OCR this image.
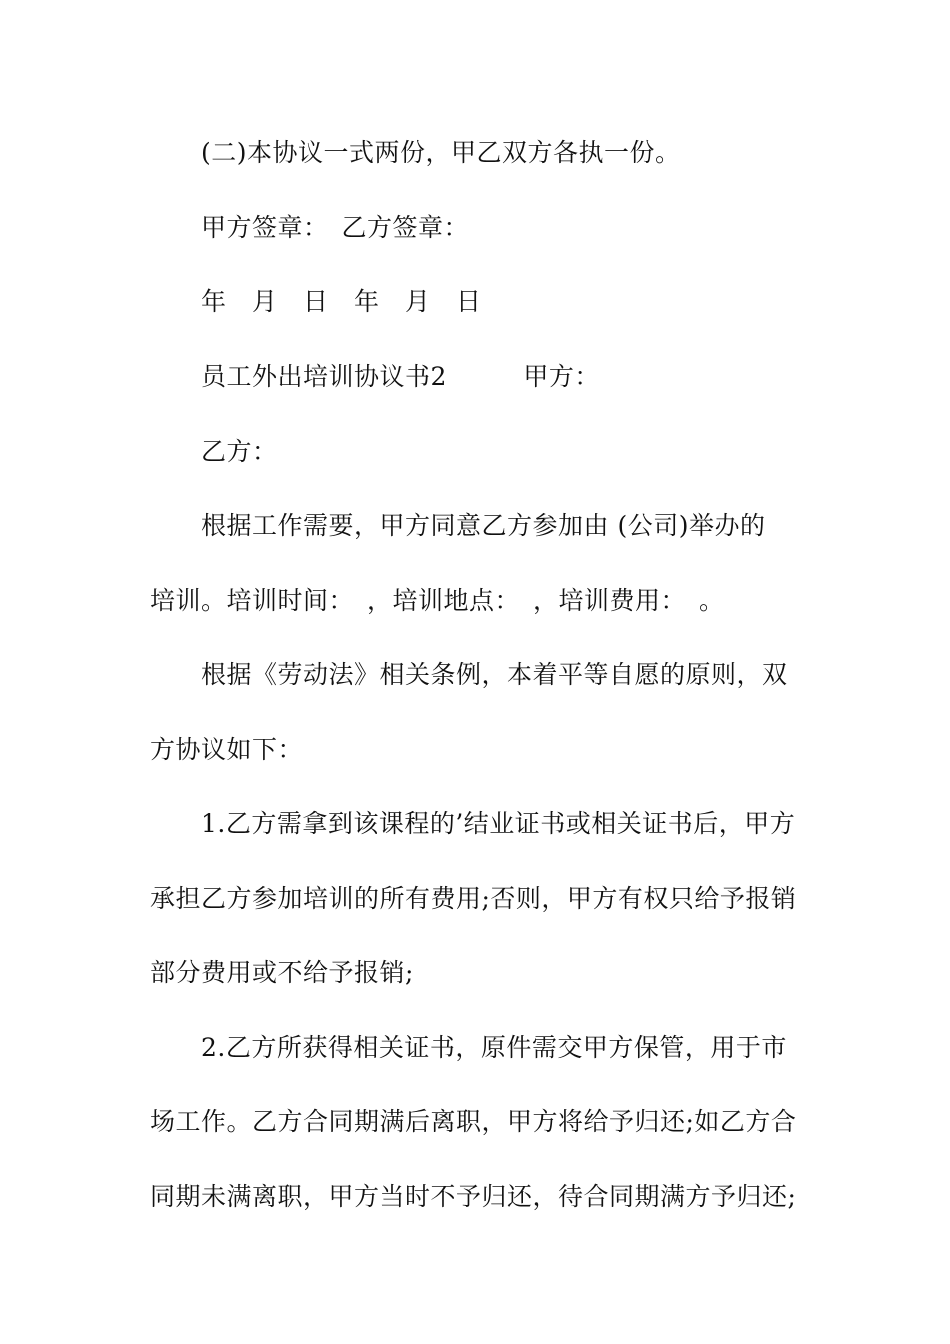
(二)本协议一式两份，甲乙双方各执一份。
甲方签章：　乙方签章：
年　月　日　年　月　日
员工外出培训协议书2　　　甲方：
乙方：
根据工作需要，甲方同意乙方参加由 (公司)举办的
培训。培训时间：　，培训地点：　，培训费用：　。
根据《劳动法》相关条例，本着平等自愿的原则，双
方协议如下：
1.乙方需拿到该课程的’结业证书或相关证书后，甲方
承担乙方参加培训的所有费用;否则，甲方有权只给予报销
部分费用或不给予报销;
2.乙方所获得相关证书，原件需交甲方保管，用于市
场工作。乙方合同期满后离职，甲方将给予归还;如乙方合
同期未满离职，甲方当时不予归还，待合同期满方予归还;
